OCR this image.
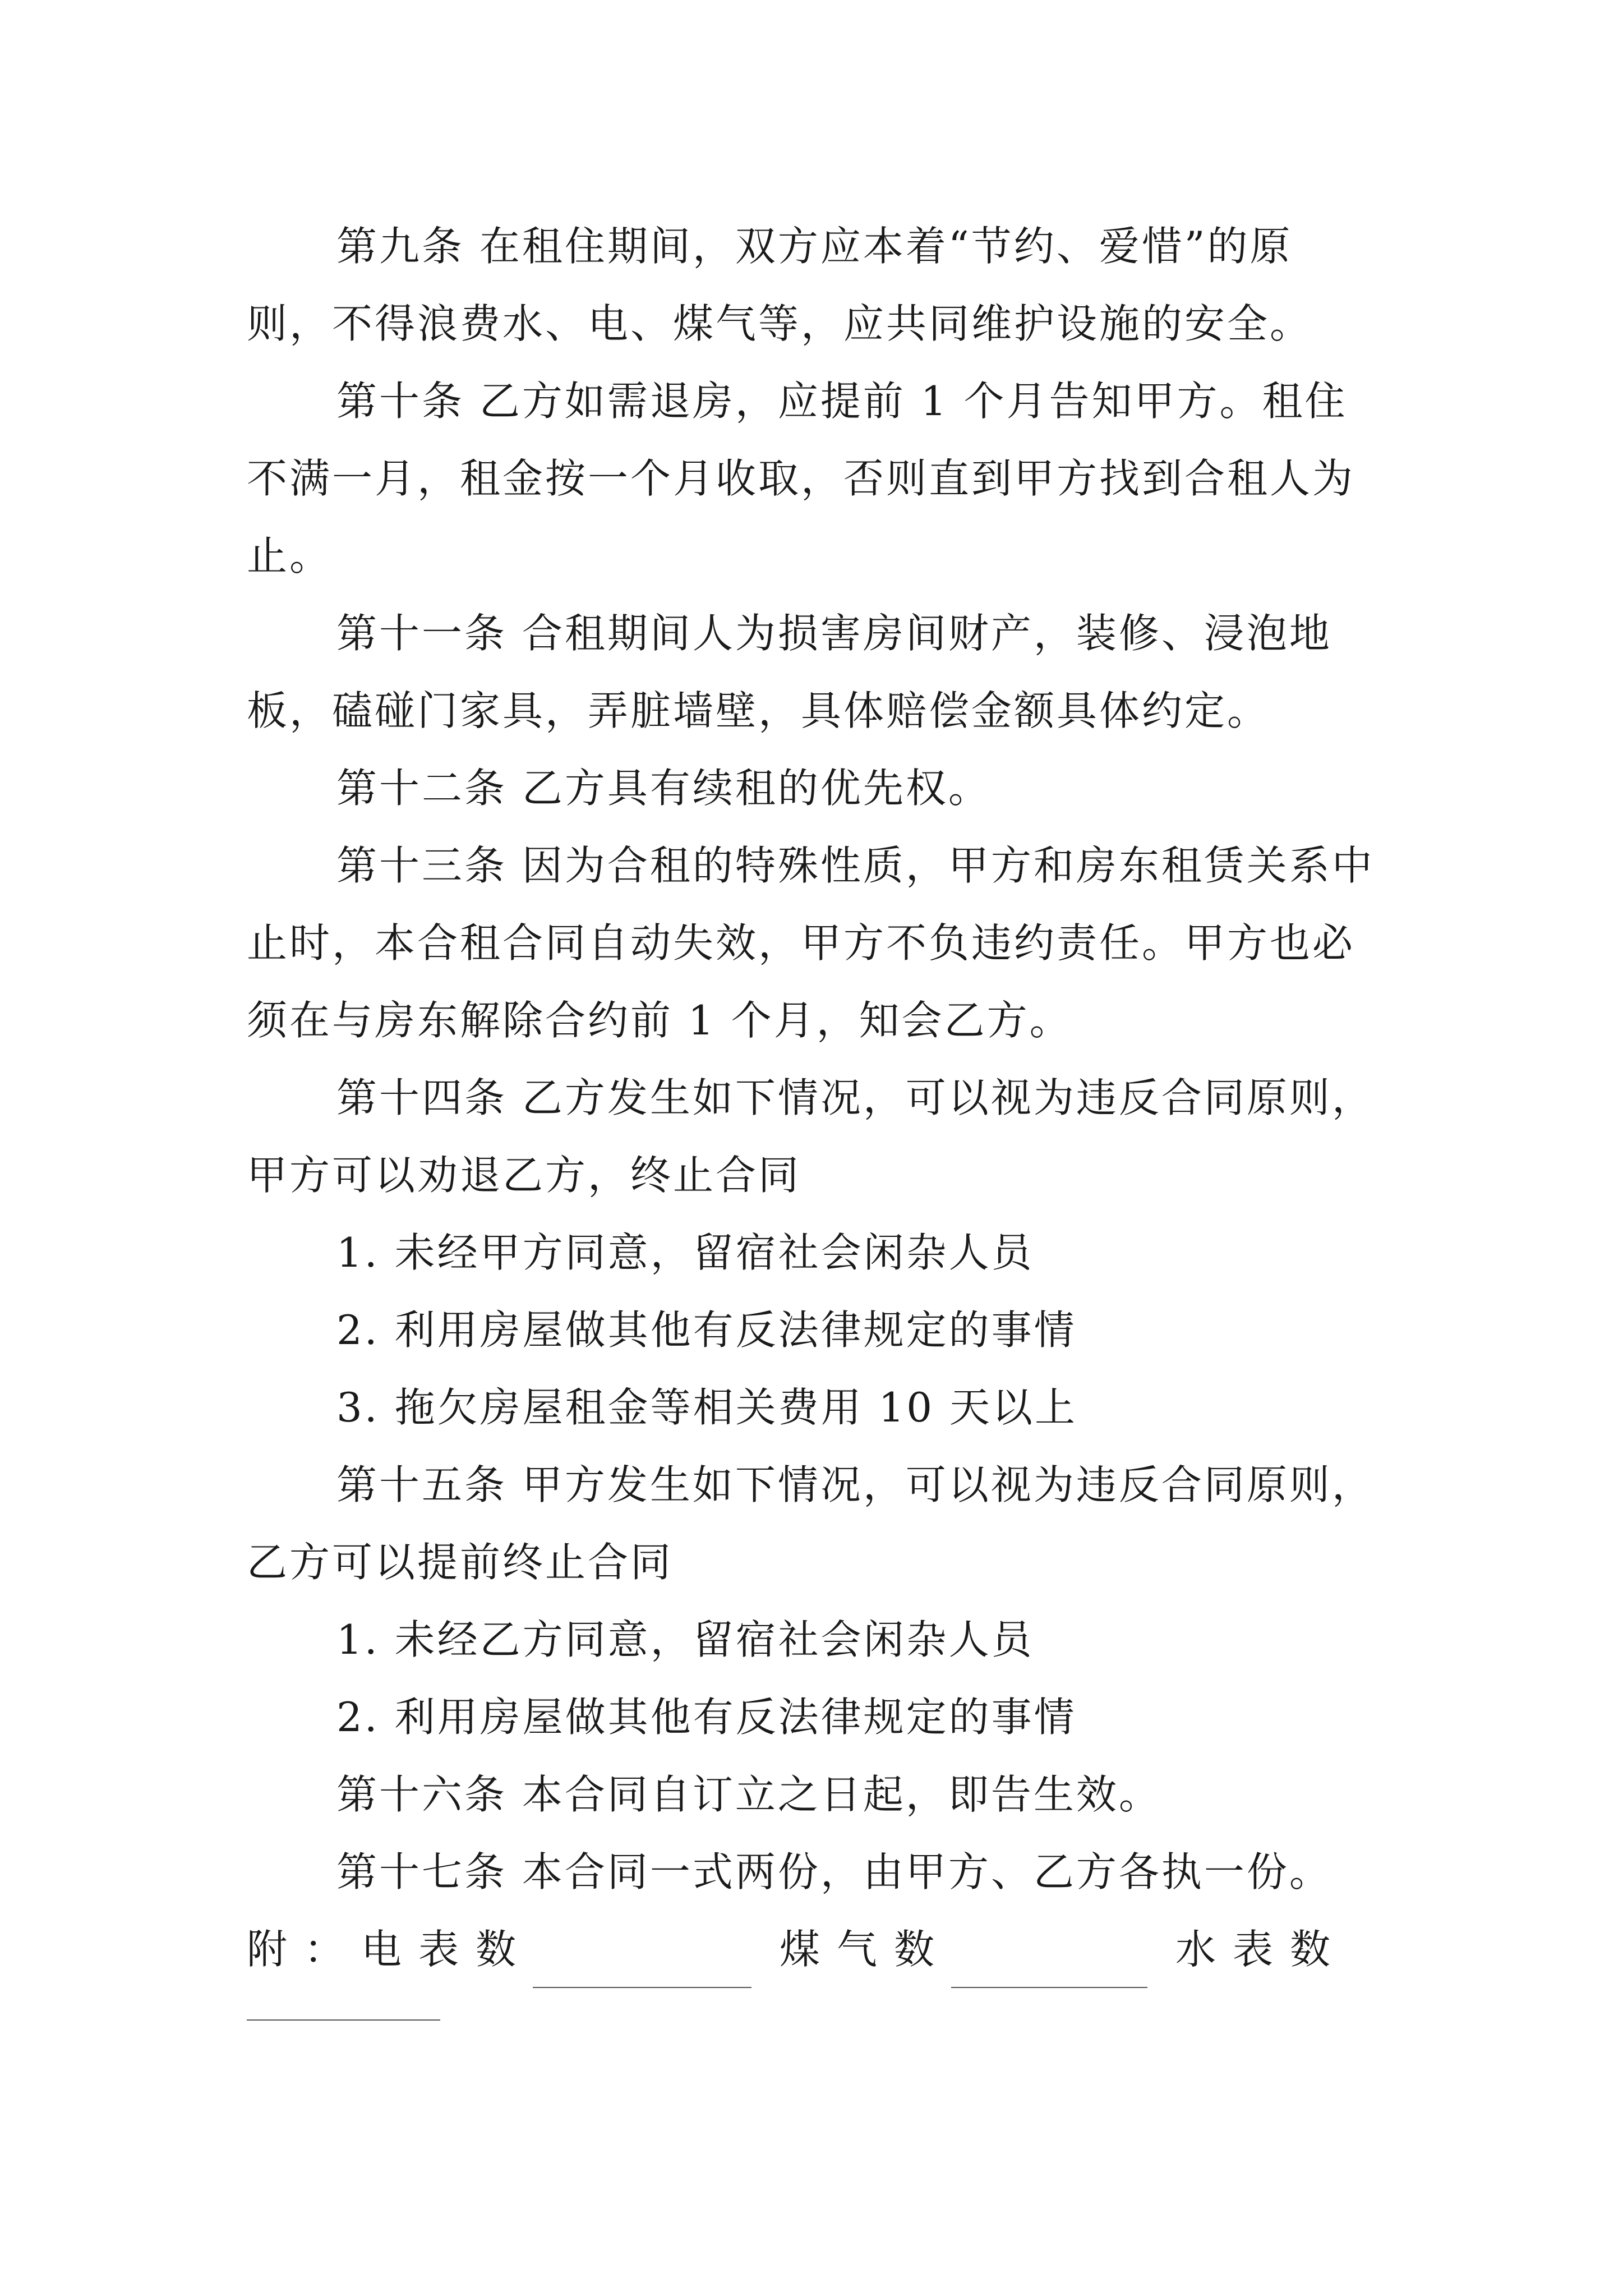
第九条 在租住期间，双方应本着“节约、爱惜”的原则，不得浪费水、电、煤气等，应共同维护设施的安全。

第十条 乙方如需退房，应提前 1 个月告知甲方。租住不满一月，租金按一个月收取，否则直到甲方找到合租人为止。

第十一条 合租期间人为损害房间财产，装修、浸泡地板，磕碰门家具，弄脏墙壁，具体赔偿金额具体约定。

第十二条 乙方具有续租的优先权。

第十三条 因为合租的特殊性质，甲方和房东租赁关系中止时，本合租合同自动失效，甲方不负违约责任。甲方也必须在与房东解除合约前 1 个月，知会乙方。

第十四条 乙方发生如下情况，可以视为违反合同原则，甲方可以劝退乙方，终止合同

1. 未经甲方同意，留宿社会闲杂人员

2. 利用房屋做其他有反法律规定的事情

3. 拖欠房屋租金等相关费用 10 天以上

第十五条 甲方发生如下情况，可以视为违反合同原则，乙方可以提前终止合同

1. 未经乙方同意，留宿社会闲杂人员

2. 利用房屋做其他有反法律规定的事情

第十六条 本合同自订立之日起，即告生效。

第十七条 本合同一式两份，由甲方、乙方各执一份。

附：电表数	煤气数	水表数
